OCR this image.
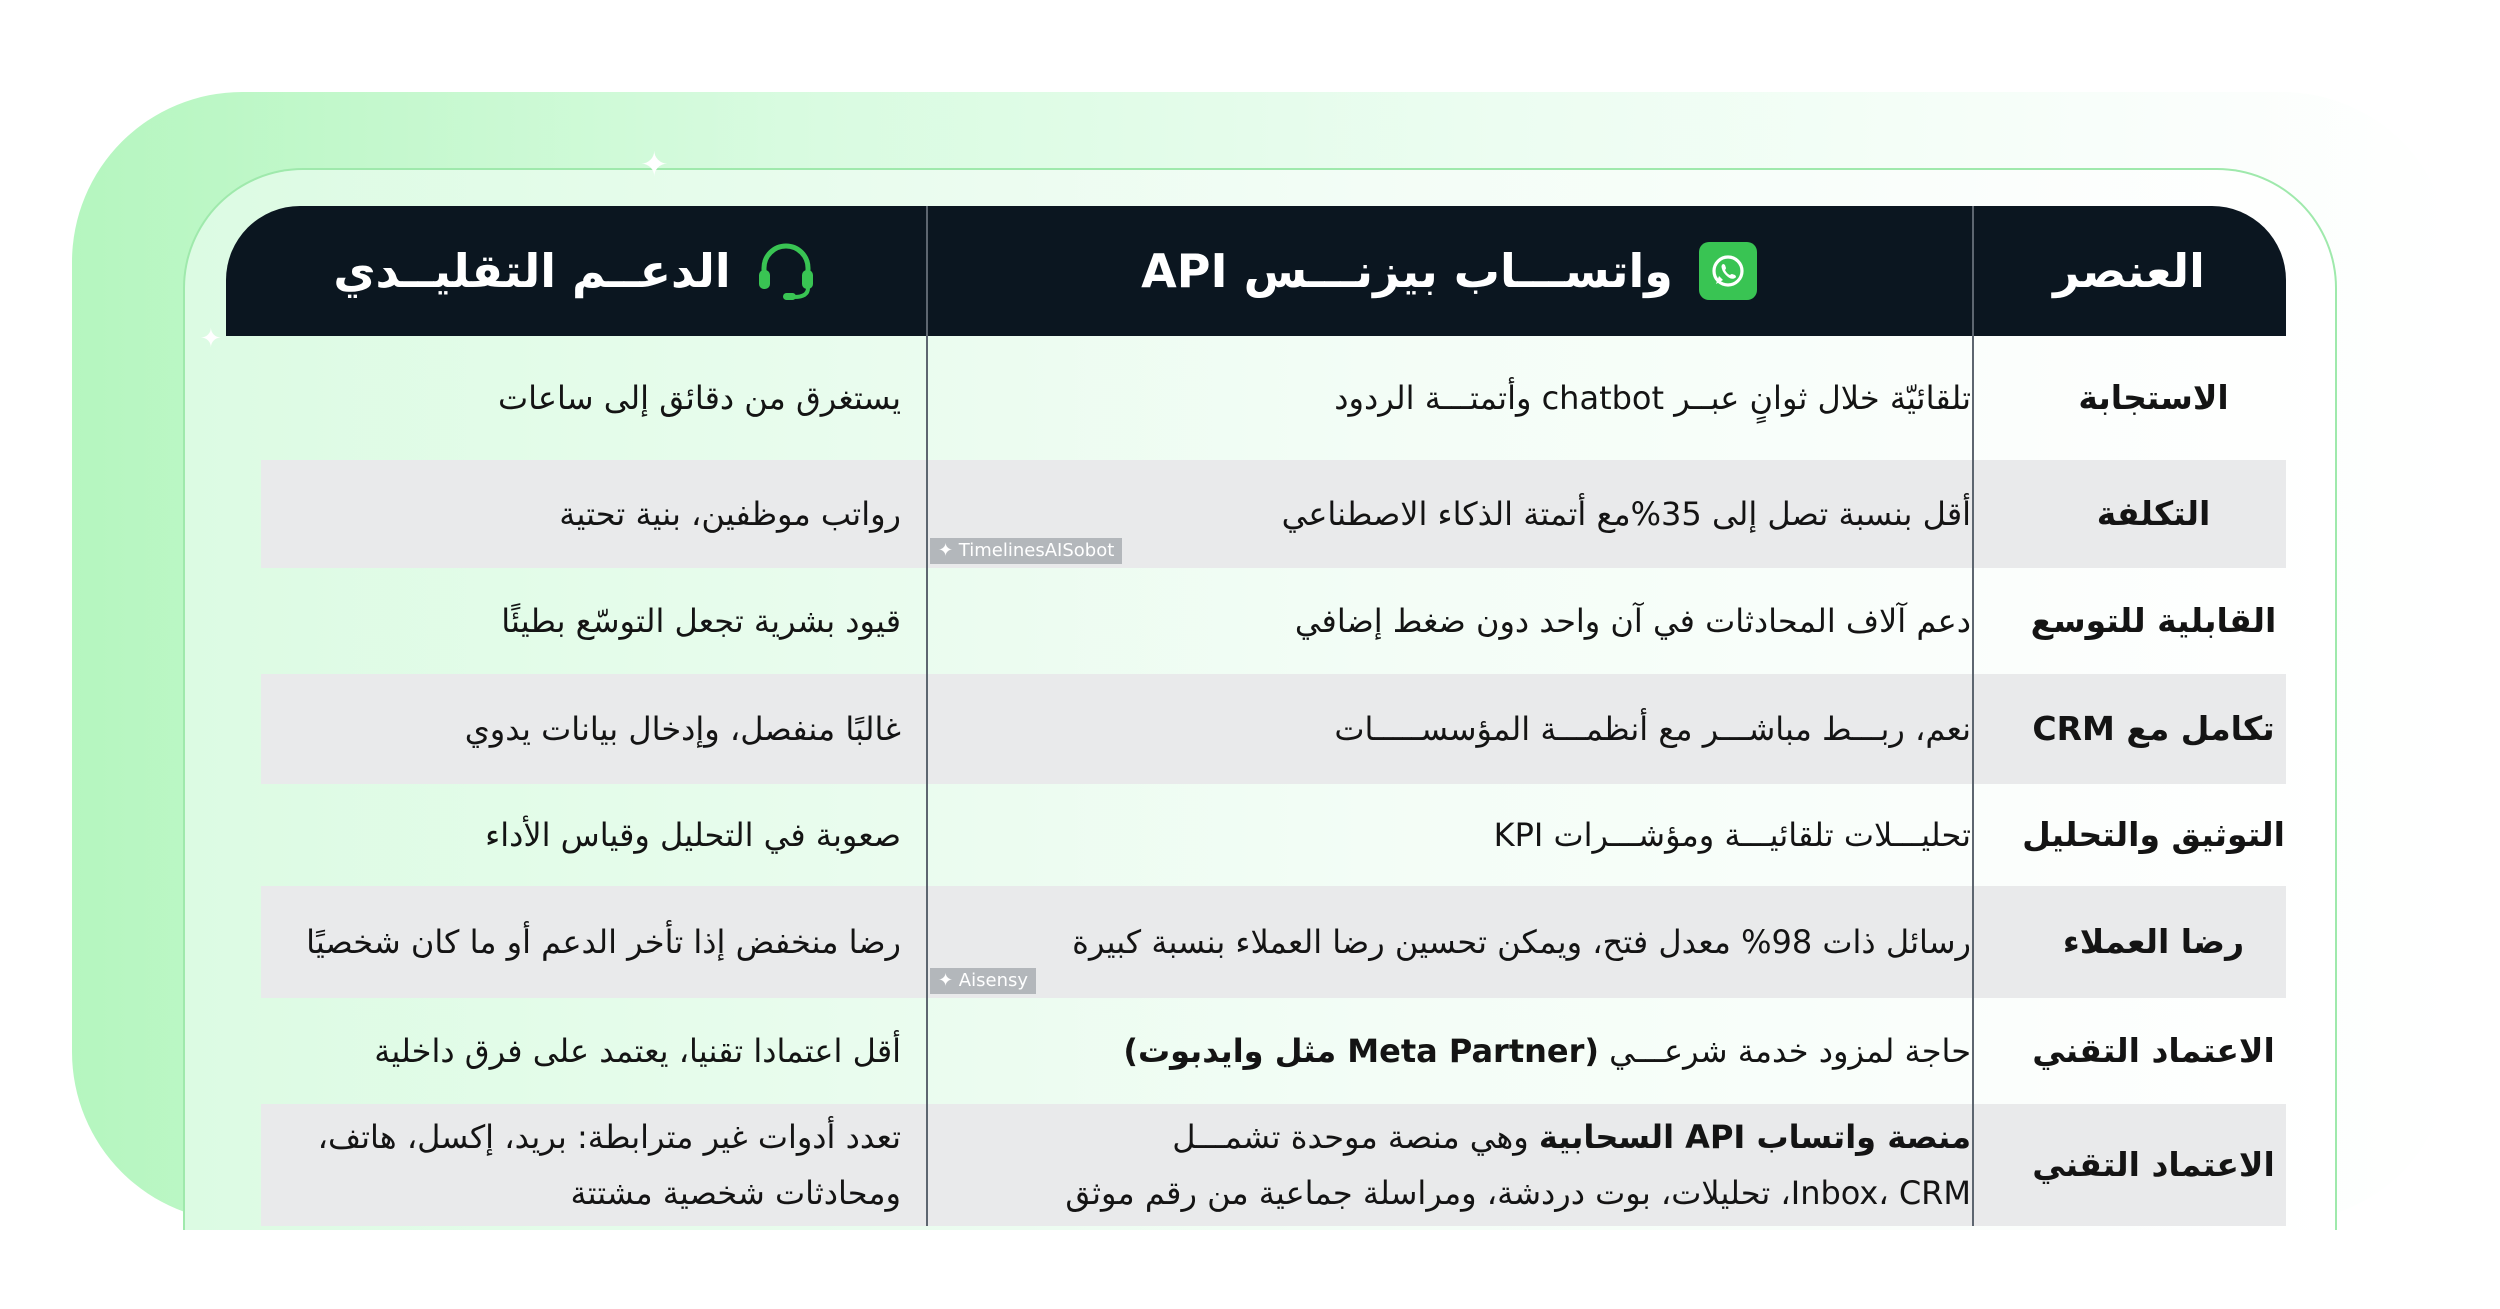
✦
✦
العنصر
واتســـاب بيزنـــس API
الدعــم التقليــدي
الاستجابة
تلقائيّة خلال ثوانٍ عبــر chatbot وأتمتـــة الردود
يستغرق من دقائق إلى ساعات
التكلفة
أقل بنسبة تصل إلى 35%مع أتمتة الذكاء الاصطناعي
رواتب موظفين، بنية تحتية
القابلية للتوسع
دعم آلاف المحادثات في آن واحد دون ضغط إضافي
قيود بشرية تجعل التوسّع بطيئًا
تكامل مع CRM
نعم، ربـــط مباشـــر مع أنظمـــة المؤسســـــات
غالبًا منفصل، وإدخال بيانات يدوي
التوثيق والتحليل
تحليـــلات تلقائيـــة ومؤشـــرات KPI
صعوبة في التحليل وقياس الأداء
رضا العملاء
رسائل ذات 98% معدل فتح، ويمكن تحسين رضا العملاء بنسبة كبيرة
رضا منخفض إذا تأخر الدعم أو ما كان شخصيًا
الاعتماد التقني
حاجة لمزود خدمة شرعـــي (Meta Partner مثل وايدبوت)
أقل اعتمادا تقنيا، يعتمد على فرق داخلية
الاعتماد التقني
منصة واتساب API السحابية وهي منصة موحدة تشمـــل
Inbox، CRM، تحليلات، بوت دردشة، ومراسلة جماعية من رقم موثق
تعدد أدوات غير مترابطة: بريد، إكسل، هاتف،
ومحادثات شخصية مشتتة
✦ TimelinesAISobot
✦ Aisensy
